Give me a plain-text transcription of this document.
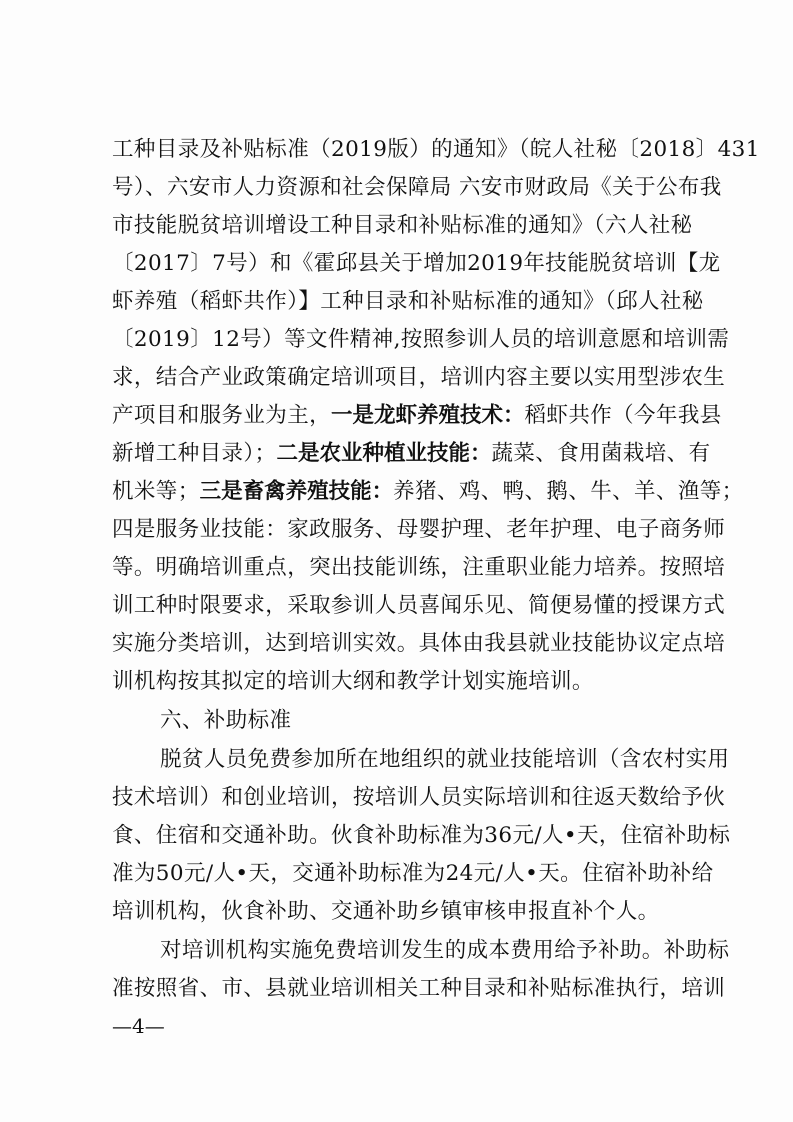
工种目录及补贴标准（2019版）的通知》（皖人社秘〔2018〕431
号）、六安市人力资源和社会保障局 六安市财政局《关于公布我
市技能脱贫培训增设工种目录和补贴标准的通知》（六人社秘
〔2017〕7号）和《霍邱县关于增加2019年技能脱贫培训【龙
虾养殖（稻虾共作）】工种目录和补贴标准的通知》（邱人社秘
〔2019〕12号）等文件精神,按照参训人员的培训意愿和培训需
求，结合产业政策确定培训项目，培训内容主要以实用型涉农生
产项目和服务业为主，一是龙虾养殖技术：稻虾共作（今年我县
新增工种目录）；二是农业种植业技能：蔬菜、食用菌栽培、有
机米等；三是畜禽养殖技能：养猪、鸡、鸭、鹅、牛、羊、渔等；
四是服务业技能：家政服务、母婴护理、老年护理、电子商务师
等。明确培训重点，突出技能训练，注重职业能力培养。按照培
训工种时限要求，采取参训人员喜闻乐见、简便易懂的授课方式
实施分类培训，达到培训实效。具体由我县就业技能协议定点培
训机构按其拟定的培训大纲和教学计划实施培训。
六、补助标准
脱贫人员免费参加所在地组织的就业技能培训（含农村实用
技术培训）和创业培训，按培训人员实际培训和往返天数给予伙
食、住宿和交通补助。伙食补助标准为36元/人•天，住宿补助标
准为50元/人•天，交通补助标准为24元/人•天。住宿补助补给
培训机构，伙食补助、交通补助乡镇审核申报直补个人。
对培训机构实施免费培训发生的成本费用给予补助。补助标
准按照省、市、县就业培训相关工种目录和补贴标准执行，培训
—4—
